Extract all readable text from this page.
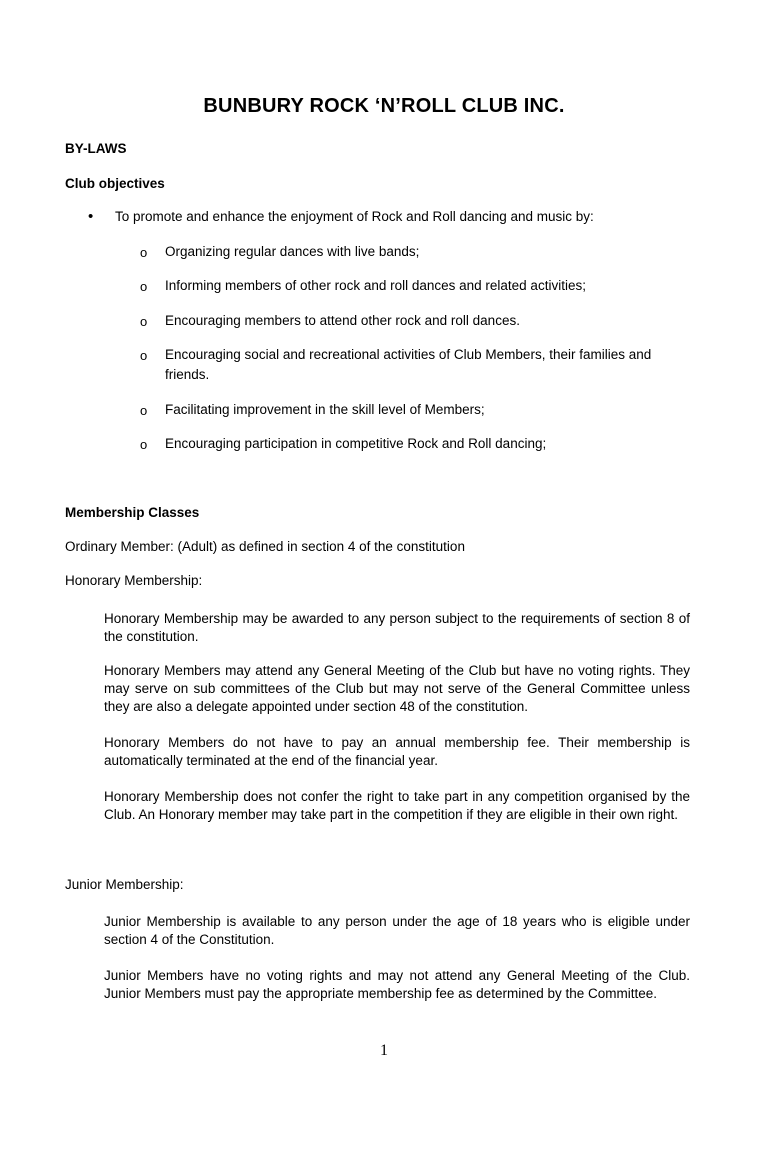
BUNBURY ROCK ‘N’ROLL CLUB INC.
BY-LAWS
Club objectives
• To promote and enhance the enjoyment of Rock and Roll dancing and music by:
o Organizing regular dances with live bands;
o Informing members of other rock and roll dances and related activities;
o Encouraging members to attend other rock and roll dances.
o Encouraging social and recreational activities of Club Members, their families and friends.
o Facilitating improvement in the skill level of Members;
o Encouraging participation in competitive Rock and Roll dancing;
Membership Classes
Ordinary Member: (Adult) as defined in section 4 of the constitution
Honorary Membership:
Honorary Membership may be awarded to any person subject to the requirements of section 8 of the constitution.
Honorary Members may attend any General Meeting of the Club but have no voting rights. They may serve on sub committees of the Club but may not serve of the General Committee unless they are also a delegate appointed under section 48 of the constitution.
Honorary Members do not have to pay an annual membership fee. Their membership is automatically terminated at the end of the financial year.
Honorary Membership does not confer the right to take part in any competition organised by the Club. An Honorary member may take part in the competition if they are eligible in their own right.
Junior Membership:
Junior Membership is available to any person under the age of 18 years who is eligible under section 4 of the Constitution.
Junior Members have no voting rights and may not attend any General Meeting of the Club. Junior Members must pay the appropriate membership fee as determined by the Committee.
1
